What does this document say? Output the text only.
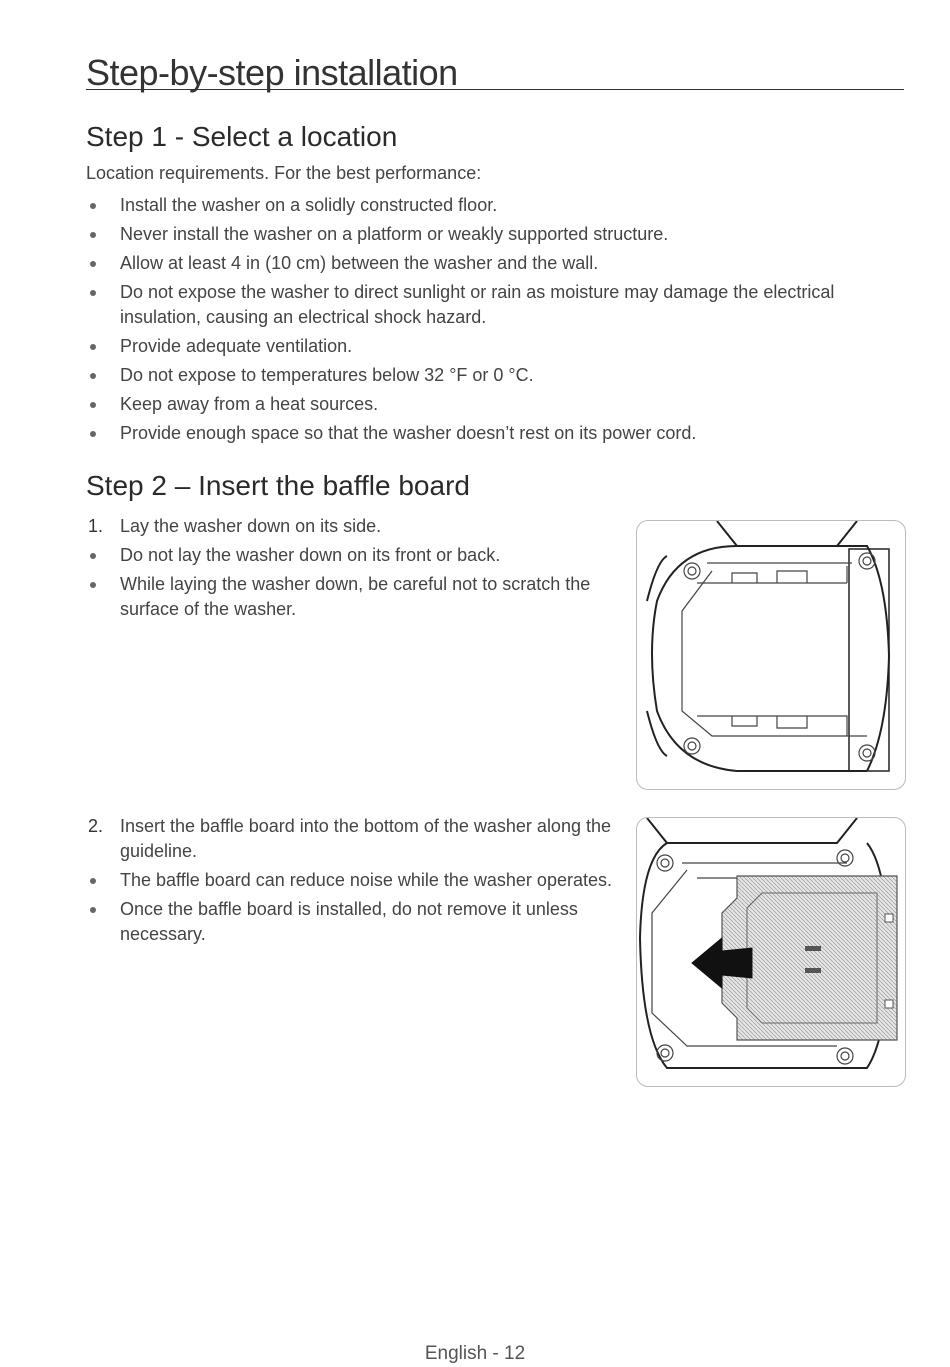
Step-by-step installation
Step 1 - Select a location

Location requirements. For the best performance:

Install the washer on a solidly constructed floor.
Never install the washer on a platform or weakly supported structure.
Allow at least 4 in (10 cm) between the washer and the wall.
Do not expose the washer to direct sunlight or rain as moisture may damage the electrical insulation, causing an electrical shock hazard.
Provide adequate ventilation.
Do not expose to temperatures below 32 °F or 0 °C.
Keep away from a heat sources.
Provide enough space so that the washer doesn’t rest on its power cord.
Step 2 – Insert the baffle board
1. Lay the washer down on its side.
Do not lay the washer down on its front or back.
While laying the washer down, be careful not to scratch the surface of the washer.
2. Insert the baffle board into the bottom of the washer along the guideline.
The baffle board can reduce noise while the washer operates.
Once the baffle board is installed, do not remove it unless necessary.
English - 12
